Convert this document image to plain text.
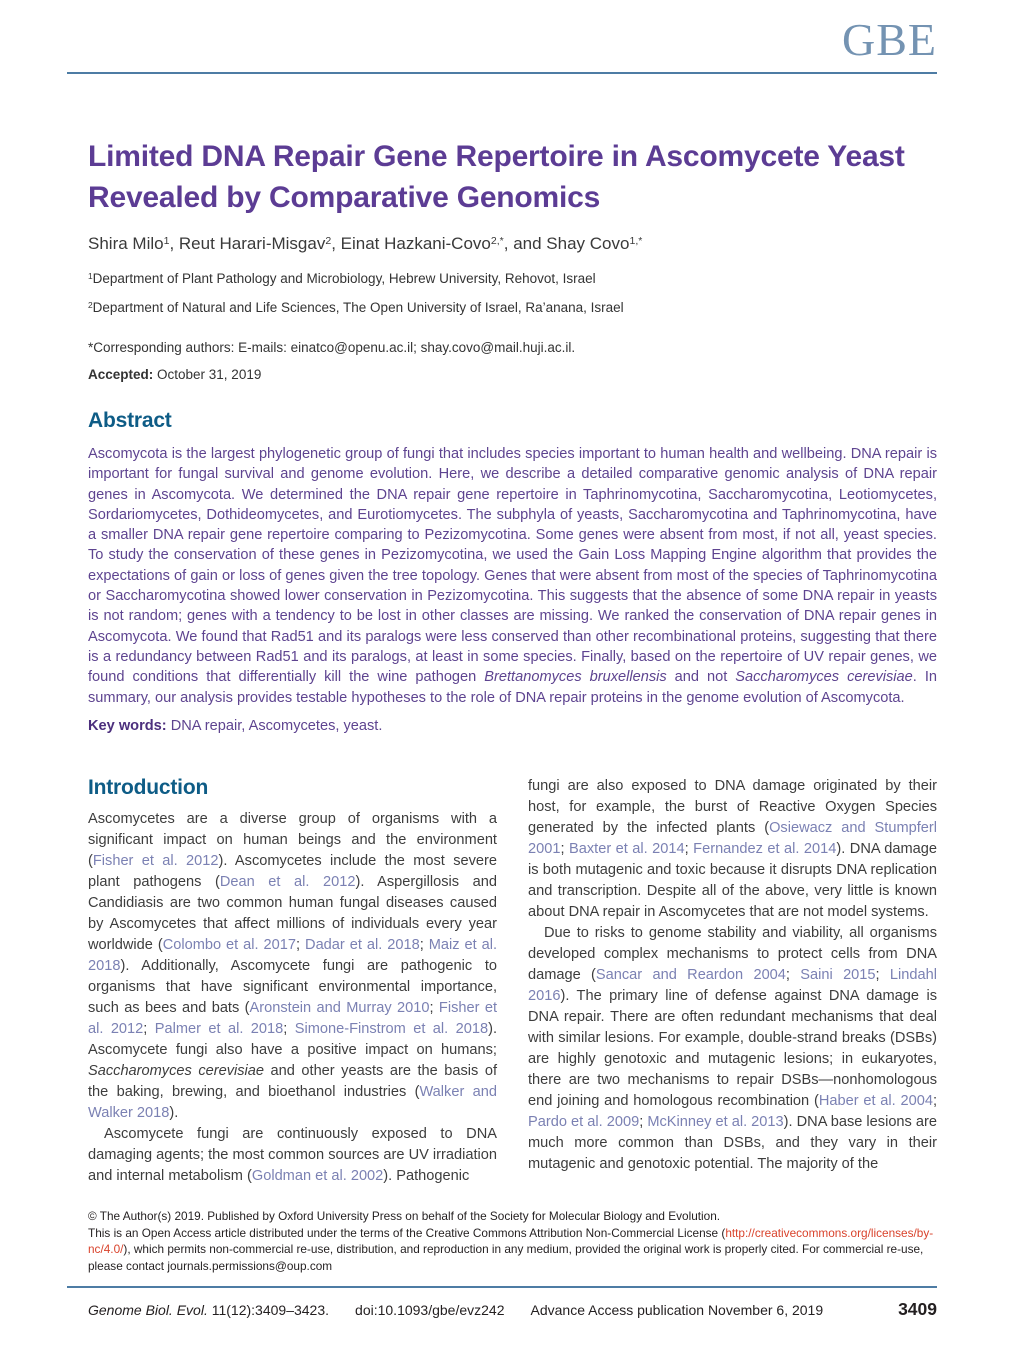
GBE
Limited DNA Repair Gene Repertoire in Ascomycete Yeast
Revealed by Comparative Genomics
Shira Milo$^1$, Reut Harari-Misgav$^2$, Einat Hazkani-Covo$^{2,*}$, and Shay Covo$^{1,*}$
$^1$Department of Plant Pathology and Microbiology, Hebrew University, Rehovot, Israel
$^2$Department of Natural and Life Sciences, The Open University of Israel, Ra’anana, Israel
*Corresponding authors: E-mails: einatco@openu.ac.il; shay.covo@mail.huji.ac.il.
Accepted: October 31, 2019
Abstract
Ascomycota is the largest phylogenetic group of fungi that includes species important to human health and wellbeing. DNA repair is important for fungal survival and genome evolution. Here, we describe a detailed comparative genomic analysis of DNA repair genes in Ascomycota. We determined the DNA repair gene repertoire in Taphrinomycotina, Saccharomycotina, Leotiomycetes, Sordariomycetes, Dothideomycetes, and Eurotiomycetes. The subphyla of yeasts, Saccharomycotina and Taphrinomycotina, have a smaller DNA repair gene repertoire comparing to Pezizomycotina. Some genes were absent from most, if not all, yeast species. To study the conservation of these genes in Pezizomycotina, we used the Gain Loss Mapping Engine algorithm that provides the expectations of gain or loss of genes given the tree topology. Genes that were absent from most of the species of Taphrinomycotina or Saccharomycotina showed lower conservation in Pezizomycotina. This suggests that the absence of some DNA repair in yeasts is not random; genes with a tendency to be lost in other classes are missing. We ranked the conservation of DNA repair genes in Ascomycota. We found that Rad51 and its paralogs were less conserved than other recombinational proteins, suggesting that there is a redundancy between Rad51 and its paralogs, at least in some species. Finally, based on the repertoire of UV repair genes, we found conditions that differentially kill the wine pathogen Brettanomyces bruxellensis and not Saccharomyces cerevisiae. In summary, our analysis provides testable hypotheses to the role of DNA repair proteins in the genome evolution of Ascomycota.
Key words: DNA repair, Ascomycetes, yeast.
Introduction

Ascomycetes are a diverse group of organisms with a significant impact on human beings and the environment (Fisher et al. 2012). Ascomycetes include the most severe plant pathogens (Dean et al. 2012). Aspergillosis and Candidiasis are two common human fungal diseases caused by Ascomycetes that affect millions of individuals every year worldwide (Colombo et al. 2017; Dadar et al. 2018; Maiz et al. 2018). Additionally, Ascomycete fungi are pathogenic to organisms that have significant environmental importance, such as bees and bats (Aronstein and Murray 2010; Fisher et al. 2012; Palmer et al. 2018; Simone-Finstrom et al. 2018). Ascomycete fungi also have a positive impact on humans; Saccharomyces cerevisiae and other yeasts are the basis of the baking, brewing, and bioethanol industries (Walker and Walker 2018).

Ascomycete fungi are continuously exposed to DNA damaging agents; the most common sources are UV irradiation and internal metabolism (Goldman et al. 2002). Pathogenic

fungi are also exposed to DNA damage originated by their host, for example, the burst of Reactive Oxygen Species generated by the infected plants (Osiewacz and Stumpferl 2001; Baxter et al. 2014; Fernandez et al. 2014). DNA damage is both mutagenic and toxic because it disrupts DNA replication and transcription. Despite all of the above, very little is known about DNA repair in Ascomycetes that are not model systems.

Due to risks to genome stability and viability, all organisms developed complex mechanisms to protect cells from DNA damage (Sancar and Reardon 2004; Saini 2015; Lindahl 2016). The primary line of defense against DNA damage is DNA repair. There are often redundant mechanisms that deal with similar lesions. For example, double-strand breaks (DSBs) are highly genotoxic and mutagenic lesions; in eukaryotes, there are two mechanisms to repair DSBs—nonhomologous end joining and homologous recombination (Haber et al. 2004; Pardo et al. 2009; McKinney et al. 2013). DNA base lesions are much more common than DSBs, and they vary in their mutagenic and genotoxic potential. The majority of the

© The Author(s) 2019. Published by Oxford University Press on behalf of the Society for Molecular Biology and Evolution.
This is an Open Access article distributed under the terms of the Creative Commons Attribution Non-Commercial License (http://creativecommons.org/licenses/by-nc/4.0/), which permits non-commercial re-use, distribution, and reproduction in any medium, provided the original work is properly cited. For commercial re-use, please contact journals.permissions@oup.com
Genome Biol. Evol. 11(12):3409–3423. doi:10.1093/gbe/evz242 Advance Access publication November 6, 2019	3409
